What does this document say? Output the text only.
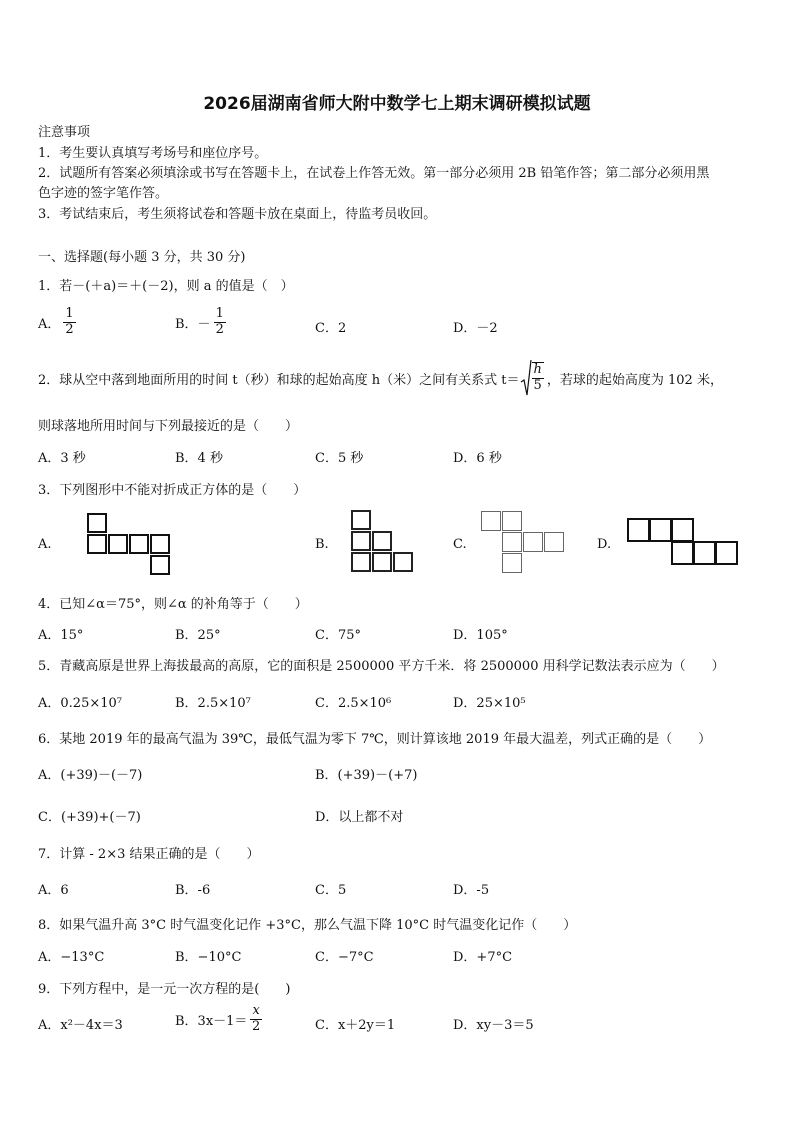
2026届湖南省师大附中数学七上期末调研模拟试题
注意事项
1．考生要认真填写考场号和座位序号。
2．试题所有答案必须填涂或书写在答题卡上，在试卷上作答无效。第一部分必须用 2B 铅笔作答；第二部分必须用黑
色字迹的签字笔作答。
3．考试结束后，考生须将试卷和答题卡放在桌面上，待监考员收回。
一、选择题(每小题 3 分，共 30 分)
1．若－(＋a)＝＋(－2)，则 a 的值是（　）
A． $\frac{1}{2}$	B．－ $\frac{1}{2}$	C．2	D．－2
2．球从空中落到地面所用的时间 t（秒）和球的起始高度 h（米）之间有关系式 $t= \frac{h}{5}$ ，若球的起始高度为 102 米，
则球落地所用时间与下列最接近的是（　　）
A．3 秒	B．4 秒	C．5 秒	D．6 秒
3．下列图形中不能对折成正方体的是（　　）
A.	B.	C.	D.
4．已知∠α＝75°，则∠α 的补角等于（　　）
A．15°	B．25°	C．75°	D．105°
5．青藏高原是世界上海拔最高的高原，它的面积是 2500000 平方千米．将 2500000 用科学记数法表示应为（　　）
A．0.25×10⁷	B．2.5×10⁷	C．2.5×10⁶	D．25×10⁵
6．某地 2019 年的最高气温为 39℃，最低气温为零下 7℃，则计算该地 2019 年最大温差，列式正确的是（　　）
A．(+39)－(－7)	B．(+39)－(+7)
C．(+39)+(－7)	D．以上都不对
7．计算 - 2×3 结果正确的是（　　）
A．6	B．-6	C．5	D．-5
8．如果气温升高 3°C 时气温变化记作 +3°C，那么气温下降 10°C 时气温变化记作（　　）
A．−13°C	B．−10°C	C．−7°C	D．+7°C
9．下列方程中，是一元一次方程的是(　　)
A．x²－4x＝3	B．$3x-1= \frac{x}{2}$	C．x＋2y＝1	D．xy－3＝5
